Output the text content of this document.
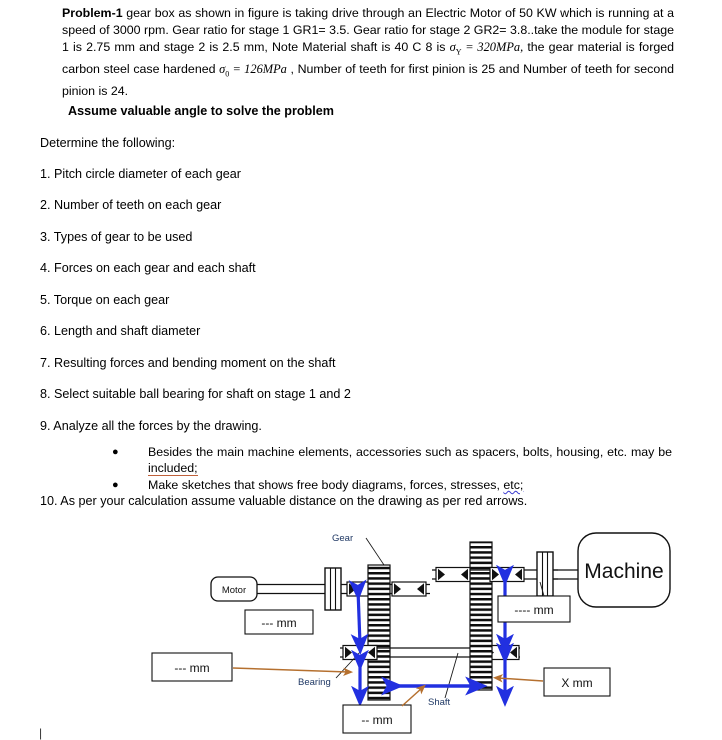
Problem-1 gear box as shown in figure is taking drive through an Electric Motor of 50 KW which is running at a speed of 3000 rpm. Gear ratio for stage 1 GR1= 3.5. Gear ratio for stage 2 GR2= 3.8..take the module for stage 1 is 2.75 mm and stage 2 is 2.5 mm, Note Material shaft is 40 C 8 is $\sigma_Y = 320MPa$, the gear material is forged carbon steel case hardened $\sigma_0 = 126MPa$ , Number of teeth for first pinion is 25 and Number of teeth for second pinion is 24.
Assume valuable angle to solve the problem
Determine the following:
1. Pitch circle diameter of each gear
2. Number of teeth on each gear
3. Types of gear to be used
4. Forces on each gear and each shaft
5. Torque on each gear
6. Length and shaft diameter
7. Resulting forces and bending moment on the shaft
8. Select suitable ball bearing for shaft on stage 1 and 2
9. Analyze all the forces by the drawing.
● Besides the main machine elements, accessories such as spacers, bolts, housing, etc. may be included;
● Make sketches that shows free body diagrams, forces, stresses, etc;
10. As per your calculation assume valuable distance on the drawing as per red arrows.
|
Motor
Machine
Gear
Bearing
Shaft
--- mm
--- mm
-- mm
---- mm
X mm
